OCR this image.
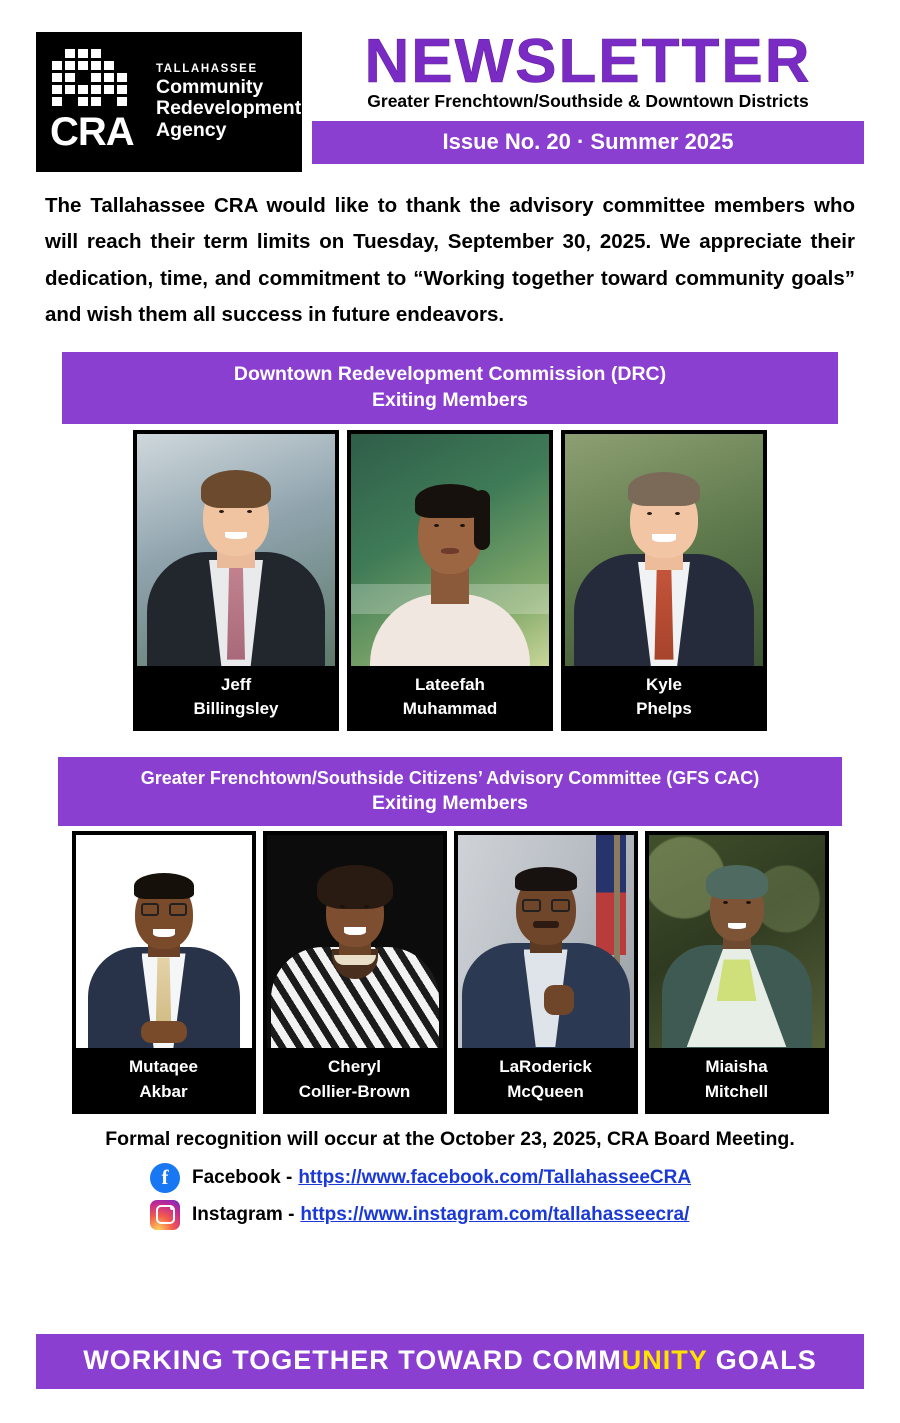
CRA
TALLAHASSEE
Community
Redevelopment
Agency
NEWSLETTER
Greater Frenchtown/Southside & Downtown Districts
Issue No. 20 · Summer 2025
The Tallahassee CRA would like to thank the advisory committee members who will reach their term limits on Tuesday, September 30, 2025. We appreciate their dedication, time, and commitment to “Working together toward community goals” and wish them all success in future endeavors.
Downtown Redevelopment Commission (DRC)
Exiting Members
Jeff
Billingsley
Lateefah
Muhammad
Kyle
Phelps
Greater Frenchtown/Southside Citizens’ Advisory Committee (GFS CAC)
Exiting Members
Mutaqee
Akbar
Cheryl
Collier-Brown
LaRoderick
McQueen
Miaisha
Mitchell
Formal recognition will occur at the October 23, 2025, CRA Board Meeting.
f	Facebook - https://www.facebook.com/TallahasseeCRA
Instagram - https://www.instagram.com/tallahasseecra/
WORKING TOGETHER TOWARD COMMUNITY GOALS
